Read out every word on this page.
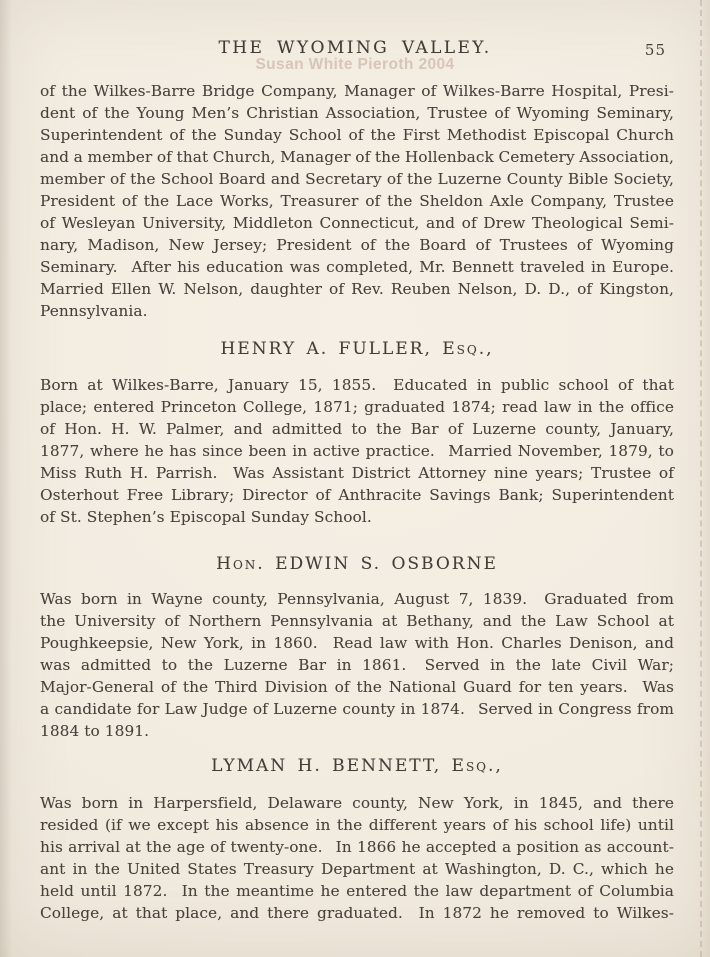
THE WYOMING VALLEY.	55
Susan White Pieroth 2004
of the Wilkes-Barre Bridge Company, Manager of Wilkes-Barre Hospital, Presi-
dent of the Young Men’s Christian Association, Trustee of Wyoming Seminary,
Superintendent of the Sunday School of the First Methodist Episcopal Church
and a member of that Church, Manager of the Hollenback Cemetery Association,
member of the School Board and Secretary of the Luzerne County Bible Society,
President of the Lace Works, Treasurer of the Sheldon Axle Company, Trustee
of Wesleyan University, Middleton Connecticut, and of Drew Theological Semi-
nary, Madison, New Jersey; President of the Board of Trustees of Wyoming
Seminary.  After his education was completed, Mr. Bennett traveled in Europe.
Married Ellen W. Nelson, daughter of Rev. Reuben Nelson, D. D., of Kingston,
Pennsylvania.
HENRY A. FULLER, Esq.,
Born at Wilkes-Barre, January 15, 1855.  Educated in public school of that
place; entered Princeton College, 1871; graduated 1874; read law in the office
of Hon. H. W. Palmer, and admitted to the Bar of Luzerne county, January,
1877, where he has since been in active practice.  Married November, 1879, to
Miss Ruth H. Parrish.  Was Assistant District Attorney nine years; Trustee of
Osterhout Free Library; Director of Anthracite Savings Bank; Superintendent
of St. Stephen’s Episcopal Sunday School.
Hon. EDWIN S. OSBORNE
Was born in Wayne county, Pennsylvania, August 7, 1839.  Graduated from
the University of Northern Pennsylvania at Bethany, and the Law School at
Poughkeepsie, New York, in 1860.  Read law with Hon. Charles Denison, and
was admitted to the Luzerne Bar in 1861.  Served in the late Civil War;
Major-General of the Third Division of the National Guard for ten years.  Was
a candidate for Law Judge of Luzerne county in 1874.  Served in Congress from
1884 to 1891.
LYMAN H. BENNETT, Esq.,
Was born in Harpersfield, Delaware county, New York, in 1845, and there
resided (if we except his absence in the different years of his school life) until
his arrival at the age of twenty-one.  In 1866 he accepted a position as account-
ant in the United States Treasury Department at Washington, D. C., which he
held until 1872.  In the meantime he entered the law department of Columbia
College, at that place, and there graduated.  In 1872 he removed to Wilkes-
